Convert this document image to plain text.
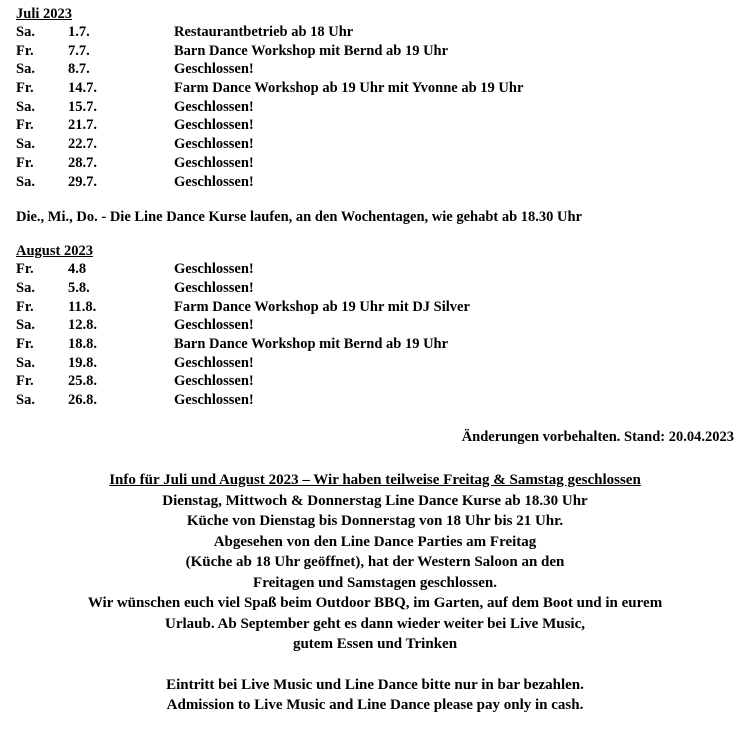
Juli 2023
Sa. 1.7.	Restaurantbetrieb ab 18 Uhr
Fr. 7.7.	Barn Dance Workshop mit Bernd ab 19 Uhr
Sa. 8.7.	Geschlossen!
Fr. 14.7.	Farm Dance Workshop ab 19 Uhr mit Yvonne ab 19 Uhr
Sa. 15.7.	Geschlossen!
Fr. 21.7.	Geschlossen!
Sa. 22.7.	Geschlossen!
Fr. 28.7.	Geschlossen!
Sa. 29.7.	Geschlossen!
Die., Mi., Do. - Die Line Dance Kurse laufen, an den Wochentagen, wie gehabt ab 18.30 Uhr
August 2023
Fr. 4.8	Geschlossen!
Sa. 5.8.	Geschlossen!
Fr. 11.8.	Farm Dance Workshop ab 19 Uhr mit DJ Silver
Sa. 12.8.	Geschlossen!
Fr. 18.8.	Barn Dance Workshop mit Bernd ab 19 Uhr
Sa. 19.8.	Geschlossen!
Fr. 25.8.	Geschlossen!
Sa. 26.8.	Geschlossen!
Änderungen vorbehalten. Stand: 20.04.2023
Info für Juli und August 2023 – Wir haben teilweise Freitag & Samstag geschlossen
Dienstag, Mittwoch & Donnerstag Line Dance Kurse ab 18.30 Uhr
Küche von Dienstag bis Donnerstag von 18 Uhr bis 21 Uhr.
Abgesehen von den Line Dance Parties am Freitag
(Küche ab 18 Uhr geöffnet), hat der Western Saloon an den
Freitagen und Samstagen geschlossen.
Wir wünschen euch viel Spaß beim Outdoor BBQ, im Garten, auf dem Boot und in eurem
Urlaub. Ab September geht es dann wieder weiter bei Live Music,
gutem Essen und Trinken
Eintritt bei Live Music und Line Dance bitte nur in bar bezahlen.
Admission to Live Music and Line Dance please pay only in cash.
